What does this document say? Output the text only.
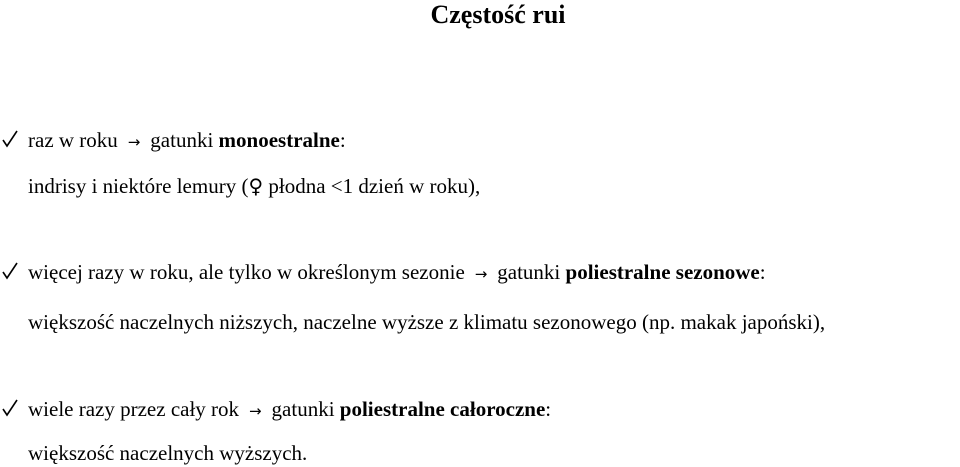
Częstość rui
raz w roku → gatunki monoestralne:
indrisy i niektóre lemury (♀ płodna <1 dzień w roku),
więcej razy w roku, ale tylko w określonym sezonie → gatunki poliestralne sezonowe:
większość naczelnych niższych, naczelne wyższe z klimatu sezonowego (np. makak japoński),
wiele razy przez cały rok → gatunki poliestralne całoroczne:
większość naczelnych wyższych.
